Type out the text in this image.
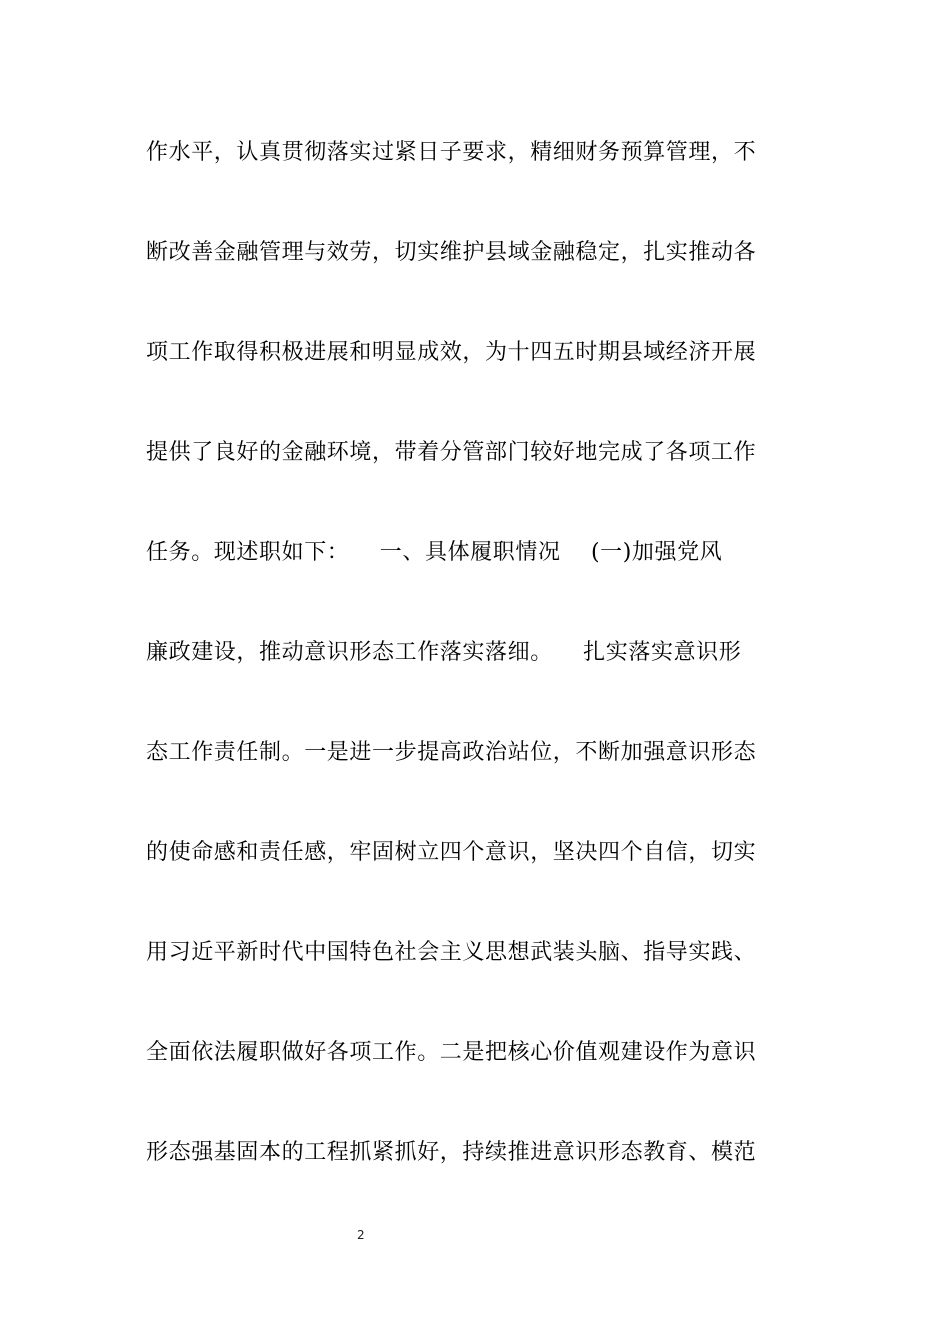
作水平，认真贯彻落实过紧日子要求，精细财务预算管理，不
断改善金融管理与效劳，切实维护县域金融稳定，扎实推动各
项工作取得积极进展和明显成效，为十四五时期县域经济开展
提供了良好的金融环境，带着分管部门较好地完成了各项工作
任务。现述职如下：    一、具体履职情况    (一)加强党风
廉政建设，推动意识形态工作落实落细。    扎实落实意识形
态工作责任制。一是进一步提高政治站位，不断加强意识形态
的使命感和责任感，牢固树立四个意识，坚决四个自信，切实
用习近平新时代中国特色社会主义思想武装头脑、指导实践、
全面依法履职做好各项工作。二是把核心价值观建设作为意识
形态强基固本的工程抓紧抓好，持续推进意识形态教育、模范
2
